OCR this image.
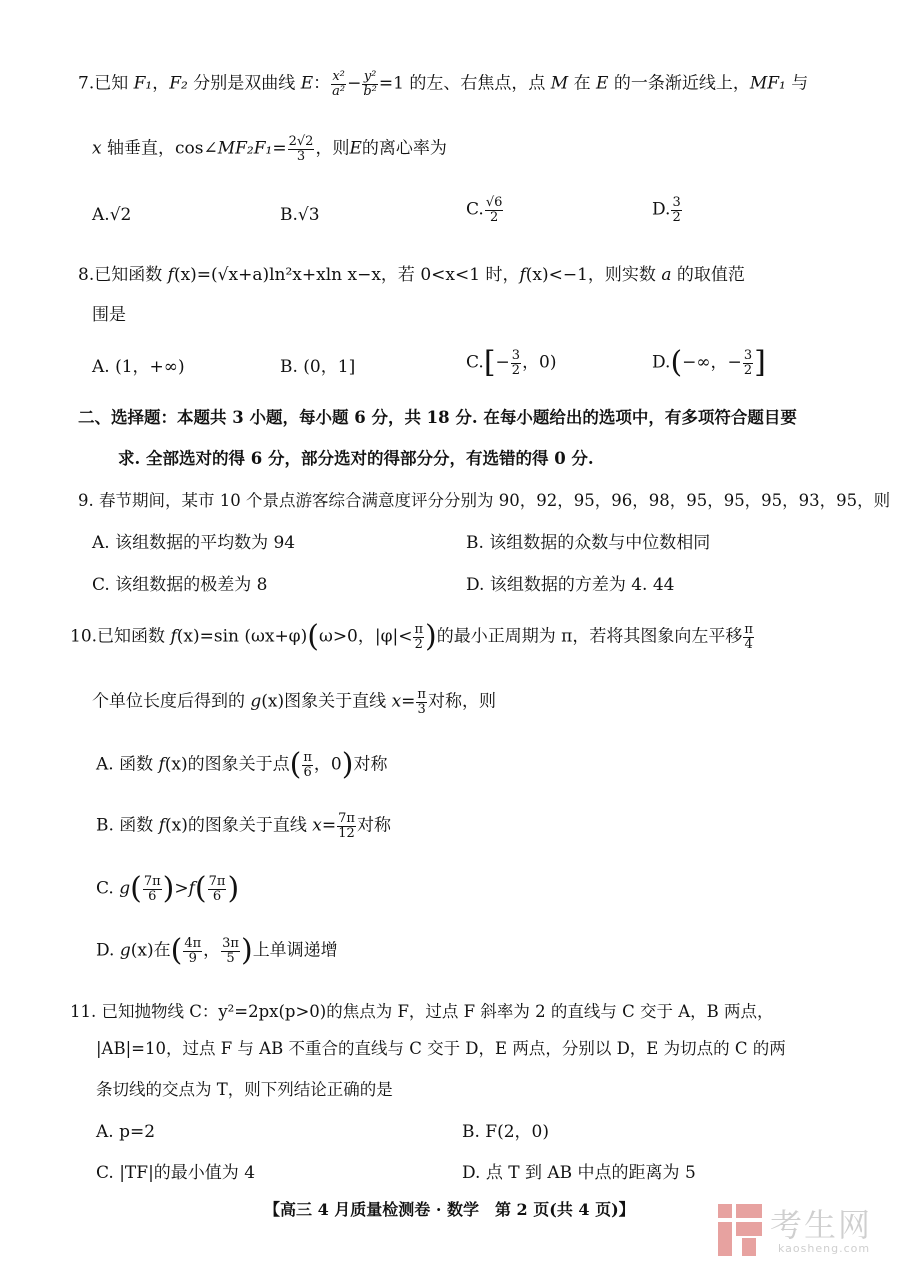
7.已知 F₁，F₂ 分别是双曲线 E： $\frac{\text{x²}}{\text{a²}} - \frac{\text{y²}}{\text{b²}} =1$ 的左、右焦点，点 M 在 E 的一条渐近线上，MF₁ 与
x 轴垂直，cos∠MF₂F₁= $\frac{2√2}{3}$ ，则E的离心率为
A.√2	B.√3	C. $\frac{√6}{2}$	D. $\frac{3}{2}$
8.已知函数 f(x)=(√x+a)ln²x+xln x−x，若 0<x<1 时，f(x)<−1，则实数 a 的取值范
围是
A. (1，+∞)	B. (0，1]	$C.[- \frac{3}{2}$ ，0)	D.(−∞，− $\frac{3}{2}$ ]
二、选择题：本题共 3 小题，每小题 6 分，共 18 分. 在每小题给出的选项中，有多项符合题目要
求. 全部选对的得 6 分，部分选对的得部分分，有选错的得 0 分.
9. 春节期间，某市 10 个景点游客综合满意度评分分别为 90，92，95，96，98，95，95，95，93，95，则
A. 该组数据的平均数为 94	B. 该组数据的众数与中位数相同
C. 该组数据的极差为 8	D. 该组数据的方差为 4. 44
10.已知函数 f(x)=sin (ωx+φ)(ω>0，$|\varphi|< \frac{\pi}{2}$ )的最小正周期为 π，若将其图象向左平移 $\frac{\pi}{4}$
个单位长度后得到的 g(x)图象关于直线 $x= \frac{\pi}{3}$ 对称，则
A. 函数 f(x)的图象关于点( $\frac{\pi}{6}$ ，0)对称
B. 函数 f(x)的图象关于直线 $x= \frac{7\pi}{12}$ 对称
C. $g( \frac{7\pi}{6} )>f( \frac{7\pi}{6}$ )
D. g(x)在( $\frac{4\pi}{9}$ ， $\frac{3\pi}{5}$ )上单调递增
11. 已知抛物线 C：y²=2px(p>0)的焦点为 F，过点 F 斜率为 2 的直线与 C 交于 A，B 两点，
|AB|=10，过点 F 与 AB 不重合的直线与 C 交于 D，E 两点，分别以 D，E 为切点的 C 的两
条切线的交点为 T，则下列结论正确的是
A. p=2	B. F(2，0)
C. |TF|的最小值为 4	D. 点 T 到 AB 中点的距离为 5
【高三 4 月质量检测卷 · 数学　第 2 页(共 4 页)】	考生网
kaosheng.com
